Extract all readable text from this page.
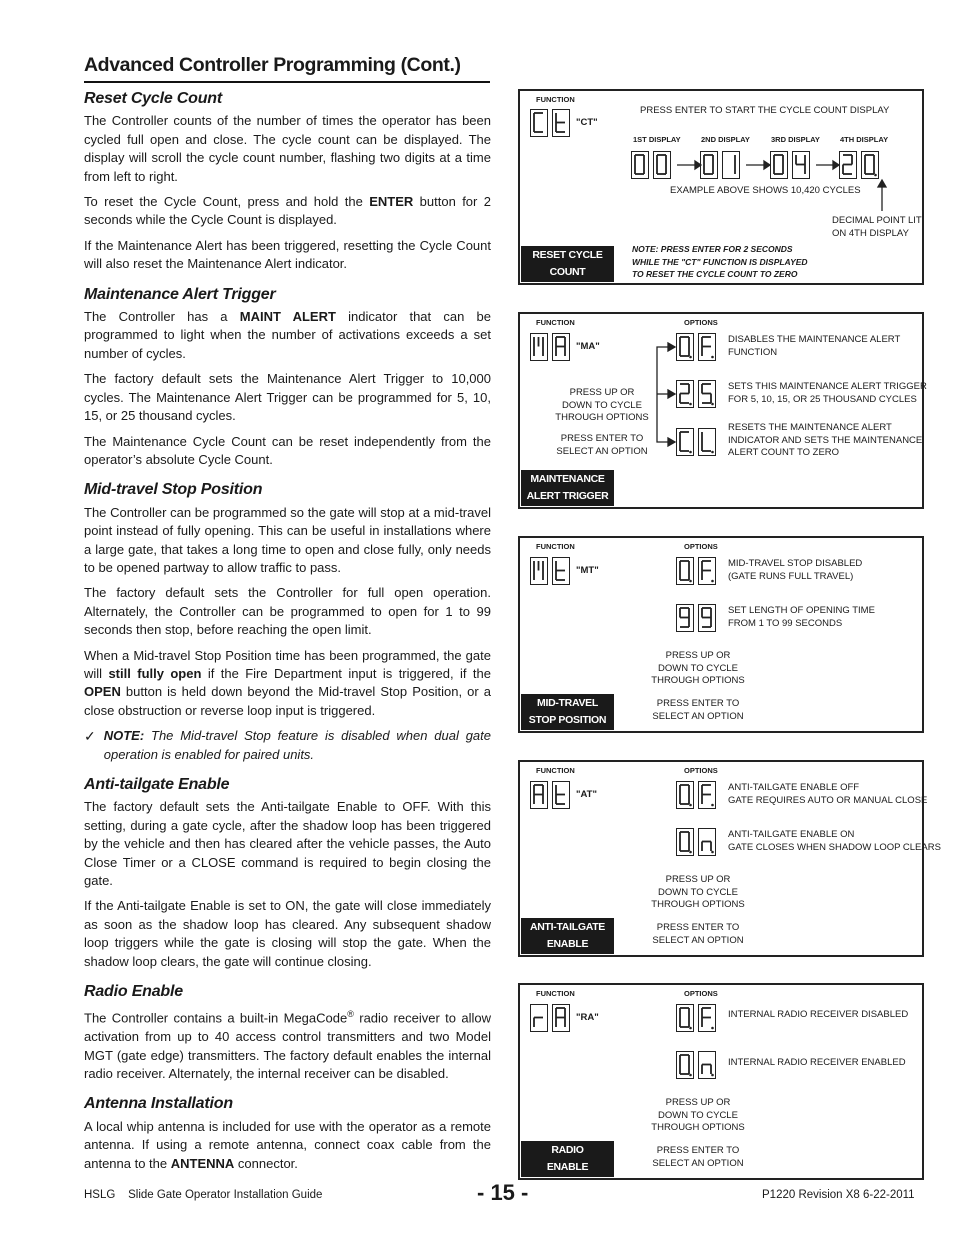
Advanced Controller Programming (Cont.)
Reset Cycle Count

The Controller counts of the number of times the operator has been cycled full open and close. The cycle count can be displayed. The display will scroll the cycle count number, flashing two digits at a time from left to right.

To reset the Cycle Count, press and hold the ENTER button for 2 seconds while the Cycle Count is displayed.

If the Maintenance Alert has been triggered, resetting the Cycle Count will also reset the Maintenance Alert indicator.

Maintenance Alert Trigger

The Controller has a MAINT ALERT indicator that can be programmed to light when the number of activations exceeds a set number of cycles.

The factory default sets the Maintenance Alert Trigger to 10,000 cycles. The Maintenance Alert Trigger can be programmed for 5, 10, 15, or 25 thousand cycles.

The Maintenance Cycle Count can be reset independently from the operator’s absolute Cycle Count.

Mid-travel Stop Position

The Controller can be programmed so the gate will stop at a mid-travel point instead of fully opening. This can be useful in installations where a large gate, that takes a long time to open and close fully, only needs to be opened partway to allow traffic to pass.

The factory default sets the Controller for full open operation. Alternately, the Controller can be programmed to open for 1 to 99 seconds then stop, before reaching the open limit.

When a Mid-travel Stop Position time has been programmed, the gate will still fully open if the Fire Department input is triggered, if the OPEN button is held down beyond the Mid-travel Stop Position, or a close obstruction or reverse loop input is triggered.

✓ NOTE: The Mid-travel Stop feature is disabled when dual gate operation is enabled for paired units.
Anti-tailgate Enable

The factory default sets the Anti-tailgate Enable to OFF. With this setting, during a gate cycle, after the shadow loop has been triggered by the vehicle and then has cleared after the vehicle passes, the Auto Close Timer or a CLOSE command is required to begin closing the gate.

If the Anti-tailgate Enable is set to ON, the gate will close immediately as soon as the shadow loop has cleared. Any subsequent shadow loop triggers while the gate is closing will stop the gate. When the shadow loop clears, the gate will continue closing.

Radio Enable

The Controller contains a built-in MegaCode® radio receiver to allow activation from up to 40 access control transmitters and two Model MGT (gate edge) transmitters. The factory default enables the internal radio receiver. Alternately, the internal receiver can be disabled.

Antenna Installation

A local whip antenna is included for use with the operator as a remote antenna. If using a remote antenna, connect coax cable from the antenna to the ANTENNA connector.

FUNCTION
"CT"
PRESS ENTER TO START THE CYCLE COUNT DISPLAY
1ST DISPLAY	2ND DISPLAY	3RD DISPLAY	4TH DISPLAY
EXAMPLE ABOVE SHOWS 10,420 CYCLES
DECIMAL POINT LIT
ON 4TH DISPLAY
NOTE: PRESS ENTER FOR 2 SECONDS
WHILE THE "CT" FUNCTION IS DISPLAYED
TO RESET THE CYCLE COUNT TO ZERO
RESET CYCLE
COUNT
FUNCTION	OPTIONS
"MA"
PRESS UP OR
DOWN TO CYCLE
THROUGH OPTIONS
PRESS ENTER TO
SELECT AN OPTION
DISABLES THE MAINTENANCE ALERT
FUNCTION
SETS THIS MAINTENANCE ALERT TRIGGER
FOR 5, 10, 15, OR 25 THOUSAND CYCLES
RESETS THE MAINTENANCE ALERT
INDICATOR AND SETS THE MAINTENANCE
ALERT COUNT TO ZERO
MAINTENANCE
ALERT TRIGGER
FUNCTION	OPTIONS
"MT"
MID-TRAVEL STOP DISABLED
(GATE RUNS FULL TRAVEL)
SET LENGTH OF OPENING TIME
FROM 1 TO 99 SECONDS
PRESS UP OR
DOWN TO CYCLE
THROUGH OPTIONS
PRESS ENTER TO
SELECT AN OPTION
MID-TRAVEL
STOP POSITION
FUNCTION	OPTIONS
"AT"
ANTI-TAILGATE ENABLE OFF
GATE REQUIRES AUTO OR MANUAL CLOSE
ANTI-TAILGATE ENABLE ON
GATE CLOSES WHEN SHADOW LOOP CLEARS
PRESS UP OR
DOWN TO CYCLE
THROUGH OPTIONS
PRESS ENTER TO
SELECT AN OPTION
ANTI-TAILGATE
ENABLE
FUNCTION	OPTIONS
"RA"	INTERNAL RADIO RECEIVER DISABLED
INTERNAL RADIO RECEIVER ENABLED
PRESS UP OR
DOWN TO CYCLE
THROUGH OPTIONS
PRESS ENTER TO
SELECT AN OPTION
RADIO
ENABLE
HSLG    Slide Gate Operator Installation Guide	- 15 -	P1220 Revision X8 6-22-2011
